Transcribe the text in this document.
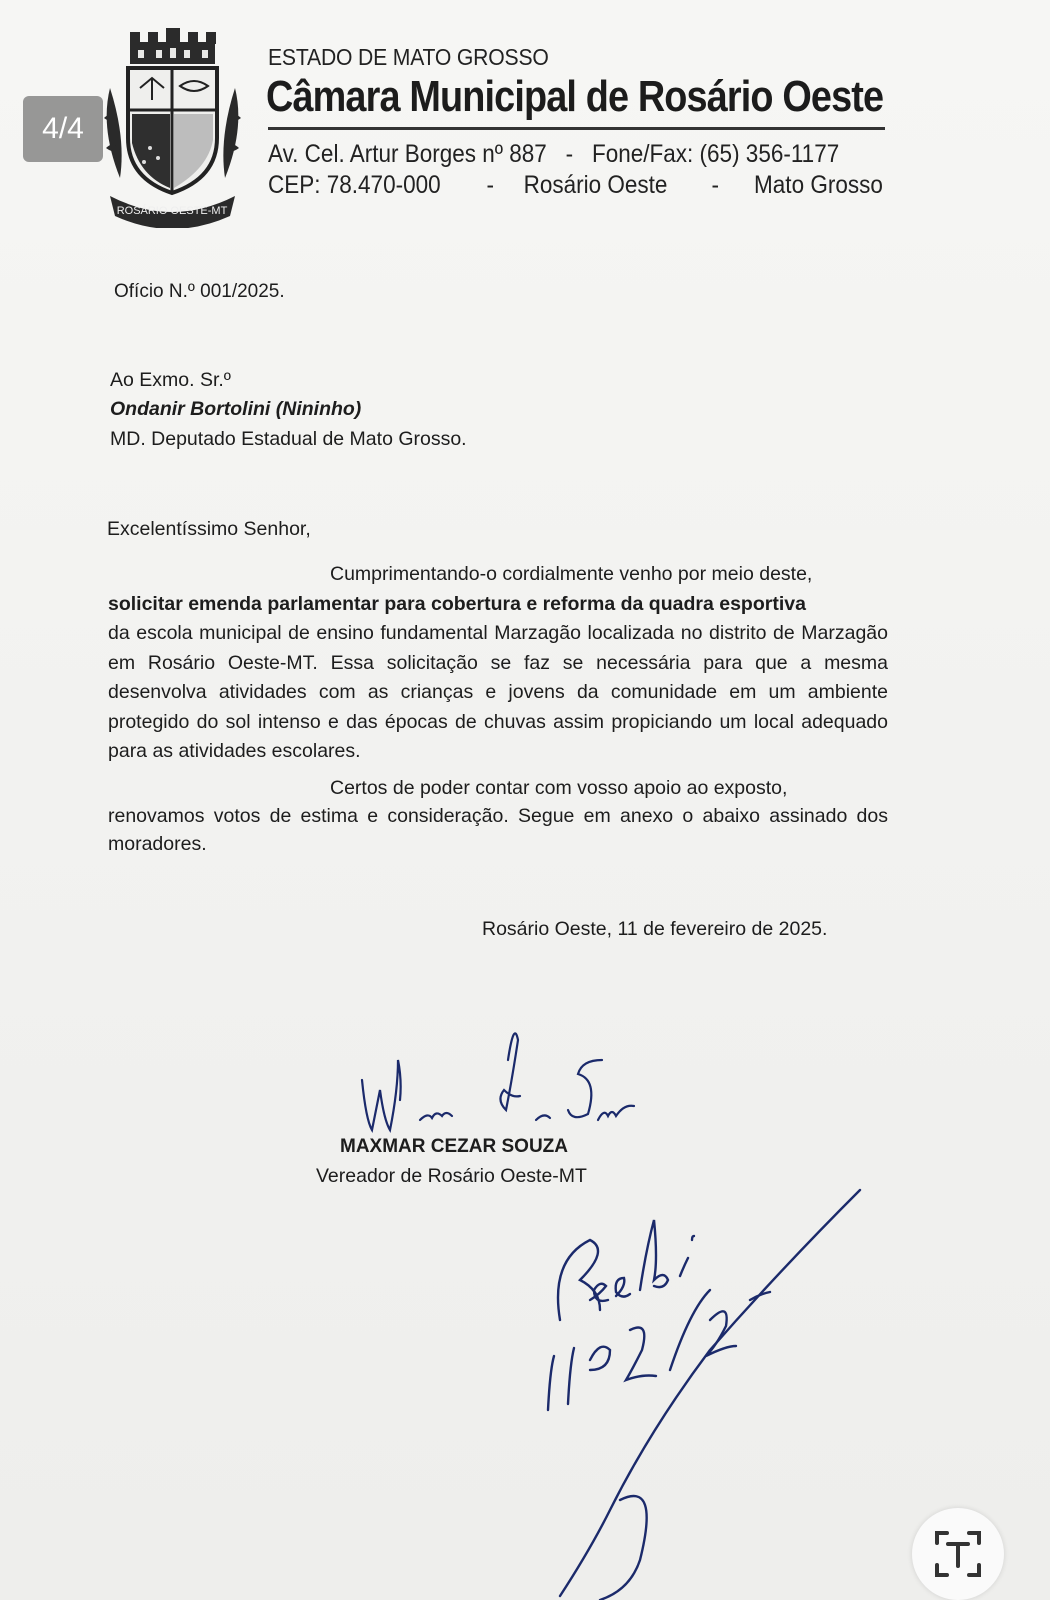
ROSÁRIO OESTE-MT
ESTADO DE MATO GROSSO
Câmara Municipal de Rosário Oeste
Av. Cel. Artur Borges nº 887 - Fone/Fax: (65) 356-1177
CEP: 78.470-000 - Rosário Oeste - Mato Grosso
Ofício N.º 001/2025.
Ao Exmo. Sr.º
Ondanir Bortolini (Nininho)
MD. Deputado Estadual de Mato Grosso.
Excelentíssimo Senhor,

Cumprimentando-o cordialmente venho por meio deste,

solicitar emenda parlamentar para cobertura e reforma da quadra esportiva

da escola municipal de ensino fundamental Marzagão localizada no distrito de Marzagão em Rosário Oeste-MT. Essa solicitação se faz se necessária para que a mesma desenvolva atividades com as crianças e jovens da comunidade em um ambiente protegido do sol intenso e das épocas de chuvas assim propiciando um local adequado para as atividades escolares.

Certos de poder contar com vosso apoio ao exposto,

renovamos votos de estima e consideração. Segue em anexo o abaixo assinado dos moradores.

Rosário Oeste, 11 de fevereiro de 2025.
MAXMAR CEZAR SOUZA
Vereador de Rosário Oeste-MT
4/4
